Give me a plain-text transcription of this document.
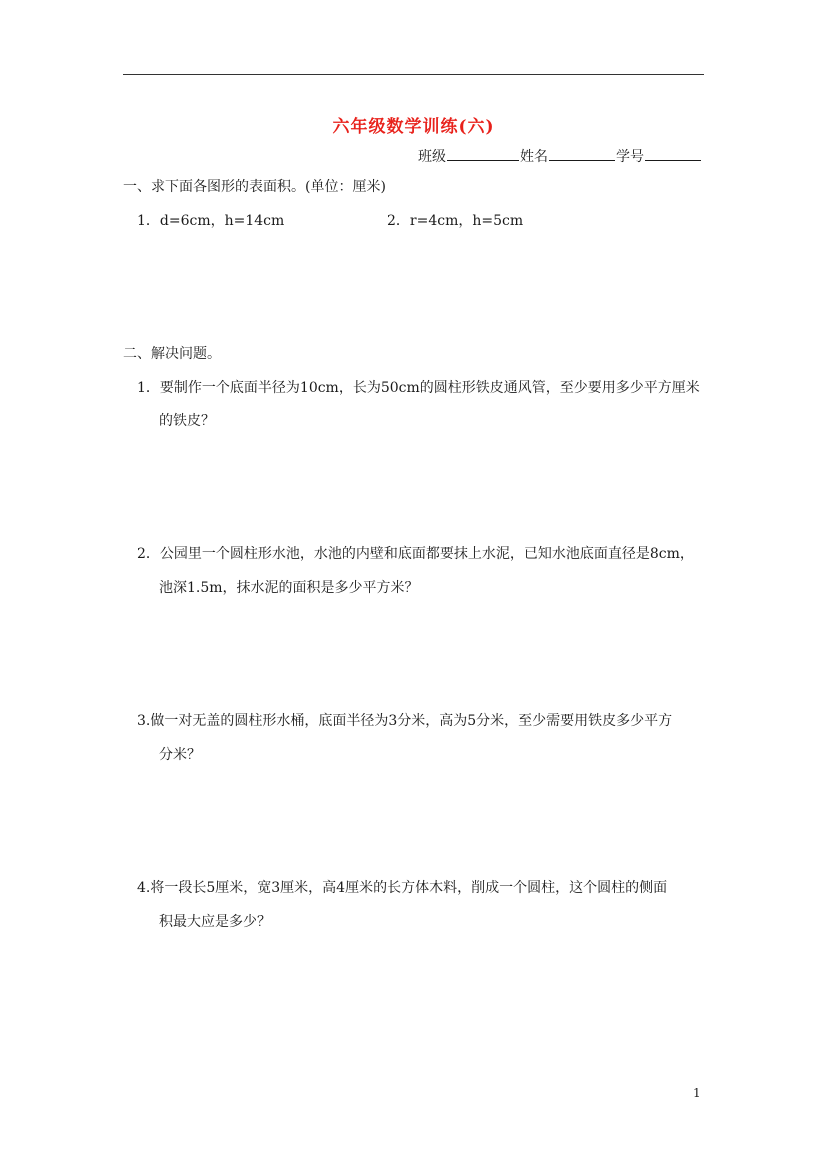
六年级数学训练(六)
班级	姓名	学号
一、求下面各图形的表面积。(单位：厘米)
1．d=6cm，h=14cm	2．r=4cm，h=5cm
二、解决问题。
1．要制作一个底面半径为10cm，长为50cm的圆柱形铁皮通风管，至少要用多少平方厘米
的铁皮？
2．公园里一个圆柱形水池，水池的内壁和底面都要抹上水泥，已知水池底面直径是8cm，
池深1.5m，抹水泥的面积是多少平方米？
3.做一对无盖的圆柱形水桶，底面半径为3分米，高为5分米，至少需要用铁皮多少平方
分米？
4.将一段长5厘米，宽3厘米，高4厘米的长方体木料，削成一个圆柱，这个圆柱的侧面
积最大应是多少？
1
